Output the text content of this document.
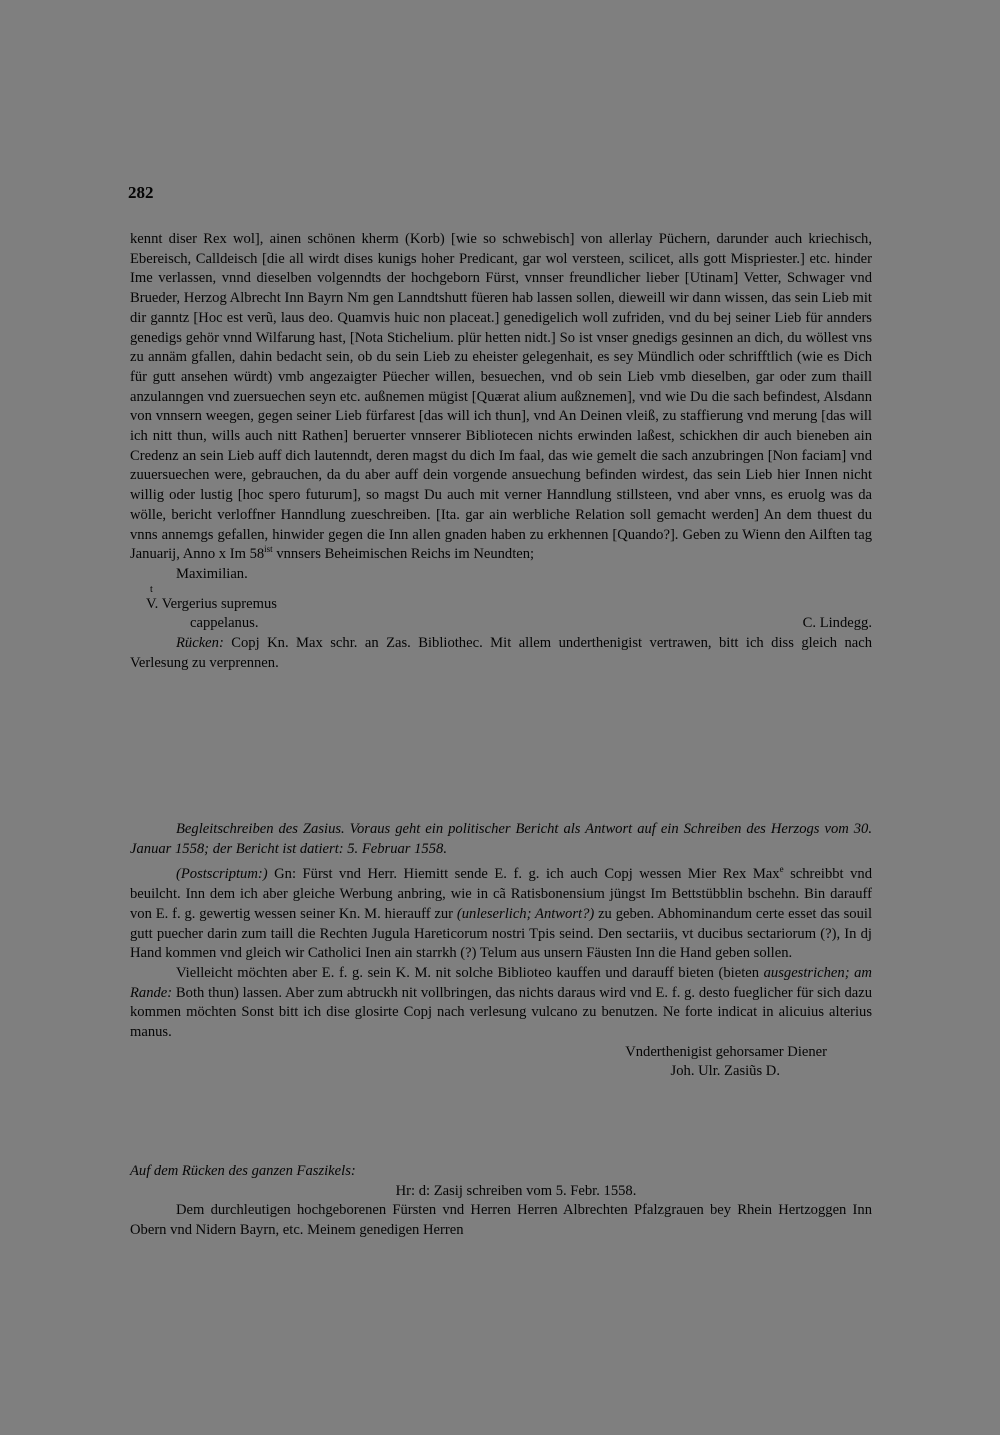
282

kennt diser Rex wol], ainen schönen kherm (Korb) [wie so schwebisch] von allerlay Püchern, darunder auch kriechisch, Ebereisch, Calldeisch [die all wirdt dises kunigs hoher Predicant, gar wol versteen, scilicet, alls gott Mispriester.] etc. hinder Ime verlassen, vnnd dieselben volgenndts der hochgeborn Fürst, vnnser freundlicher lieber [Utinam] Vetter, Schwager vnd Brueder, Herzog Albrecht Inn Bayrn Nm gen Lanndtshutt füeren hab lassen sollen, dieweill wir dann wissen, das sein Lieb mit dir ganntz [Hoc est verũ, laus deo. Quamvis huic non placeat.] genedigelich woll zufriden, vnd du bej seiner Lieb für annders genedigs gehör vnnd Wilfarung hast, [Nota Stichelium. plür hetten nidt.] So ist vnser gnedigs gesinnen an dich, du wöllest vns zu annäm gfallen, dahin bedacht sein, ob du sein Lieb zu eheister gelegenhait, es sey Mündlich oder schrifftlich (wie es Dich für gutt ansehen würdt) vmb angezaigter Püecher willen, besuechen, vnd ob sein Lieb vmb dieselben, gar oder zum thaill anzulanngen vnd zuersuechen seyn etc. außnemen mügist [Quærat alium außznemen], vnd wie Du die sach befindest, Alsdann von vnnsern weegen, gegen seiner Lieb fürfarest [das will ich thun], vnd An Deinen vleiß, zu staffierung vnd merung [das will ich nitt thun, wills auch nitt Rathen] beruerter vnnserer Bibliotecen nichts erwinden laßest, schickhen dir auch bieneben ain Credenz an sein Lieb auff dich lautenndt, deren magst du dich Im faal, das wie gemelt die sach anzubringen [Non faciam] vnd zuuersuechen were, gebrauchen, da du aber auff dein vorgende ansuechung befinden wirdest, das sein Lieb hier Innen nicht willig oder lustig [hoc spero futurum], so magst Du auch mit verner Hanndlung stillsteen, vnd aber vnns, es eruolg was da wölle, bericht verloffner Hanndlung zueschreiben. [Ita. gar ain werbliche Relation soll gemacht werden] An dem thuest du vnns annemgs gefallen, hinwider gegen die Inn allen gnaden haben zu erkhennen [Quando?]. Geben zu Wienn den Ailften tag Januarij, Anno x Im $58^{ist}$ vnnsers Beheimischen Reichs im Neundten;

Maximilian.

t

V. Vergerius supremus

cappelanus.	C. Lindegg.

Rücken: Copj Kn. Max schr. an Zas. Bibliothec. Mit allem underthenigist vertrawen, bitt ich diss gleich nach Verlesung zu verprennen.

Begleitschreiben des Zasius. Voraus geht ein politischer Bericht als Antwort auf ein Schreiben des Herzogs vom 30. Januar 1558; der Bericht ist datiert: 5. Februar 1558.

(Postscriptum:) Gn: Fürst vnd Herr. Hiemitt sende E. f. g. ich auch Copj wessen Mier Rex Max$^e$ schreibbt vnd beuilcht. Inn dem ich aber gleiche Werbung anbring, wie in cã Ratisbonensium jüngst Im Bettstübblin bschehn. Bin darauff von E. f. g. gewertig wessen seiner Kn. M. hierauff zur (unleserlich; Antwort?) zu geben. Abhominandum certe esset das souil gutt puecher darin zum taill die Rechten Jugula Hareticorum nostri Tpis seind. Den sectariis, vt ducibus sectariorum (?), In dj Hand kommen vnd gleich wir Catholici Inen ain starrkh (?) Telum aus unsern Fäusten Inn die Hand geben sollen.

Vielleicht möchten aber E. f. g. sein K. M. nit solche Biblioteo kauffen und darauff bieten (bieten ausgestrichen; am Rande: Both thun) lassen. Aber zum abtruckh nit vollbringen, das nichts daraus wird vnd E. f. g. desto fueglicher für sich dazu kommen möchten Sonst bitt ich dise glosirte Copj nach verlesung vulcano zu benutzen. Ne forte indicat in alicuius alterius manus.

Vnderthenigist gehorsamer Diener

Joh. Ulr. Zasiũs D.

Auf dem Rücken des ganzen Faszikels:

Hr: d: Zasij schreiben vom 5. Febr. 1558.

Dem durchleutigen hochgeborenen Fürsten vnd Herren Herren Albrechten Pfalzgrauen bey Rhein Hertzoggen Inn Obern vnd Nidern Bayrn, etc. Meinem genedigen Herren
